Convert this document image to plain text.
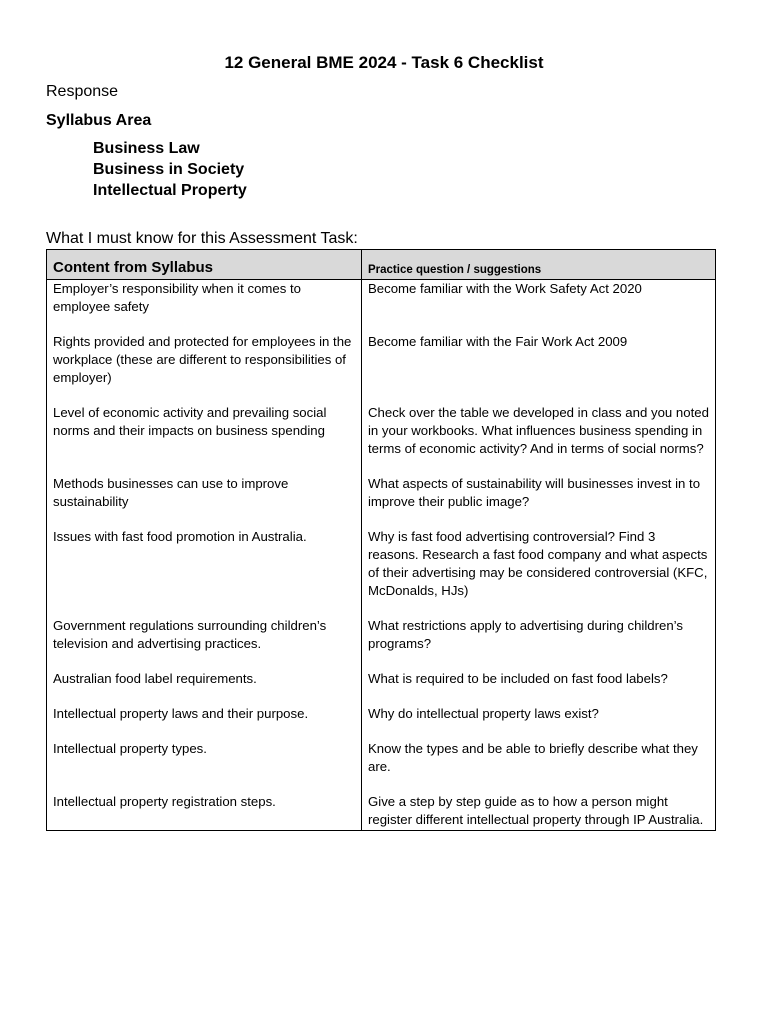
12 General BME 2024 - Task 6 Checklist
Response
Syllabus Area
Business Law
Business in Society
Intellectual Property
What I must know for this Assessment Task:
Content from Syllabus	Practice question / suggestions
Employer’s responsibility when it comes to employee safety	Become familiar with the Work Safety Act 2020
Rights provided and protected for employees in the workplace (these are different to responsibilities of employer)	Become familiar with the Fair Work Act 2009
Level of economic activity and prevailing social norms and their impacts on business spending	Check over the table we developed in class and you noted in your workbooks. What influences business spending in terms of economic activity? And in terms of social norms?
Methods businesses can use to improve sustainability	What aspects of sustainability will businesses invest in to improve their public image?
Issues with fast food promotion in Australia.	Why is fast food advertising controversial? Find 3 reasons. Research a fast food company and what aspects of their advertising may be considered controversial (KFC, McDonalds, HJs)
Government regulations surrounding children’s television and advertising practices.	What restrictions apply to advertising during children’s programs?
Australian food label requirements.	What is required to be included on fast food labels?
Intellectual property laws and their purpose.	Why do intellectual property laws exist?
Intellectual property types.	Know the types and be able to briefly describe what they are.
Intellectual property registration steps.	Give a step by step guide as to how a person might register different intellectual property through IP Australia.
